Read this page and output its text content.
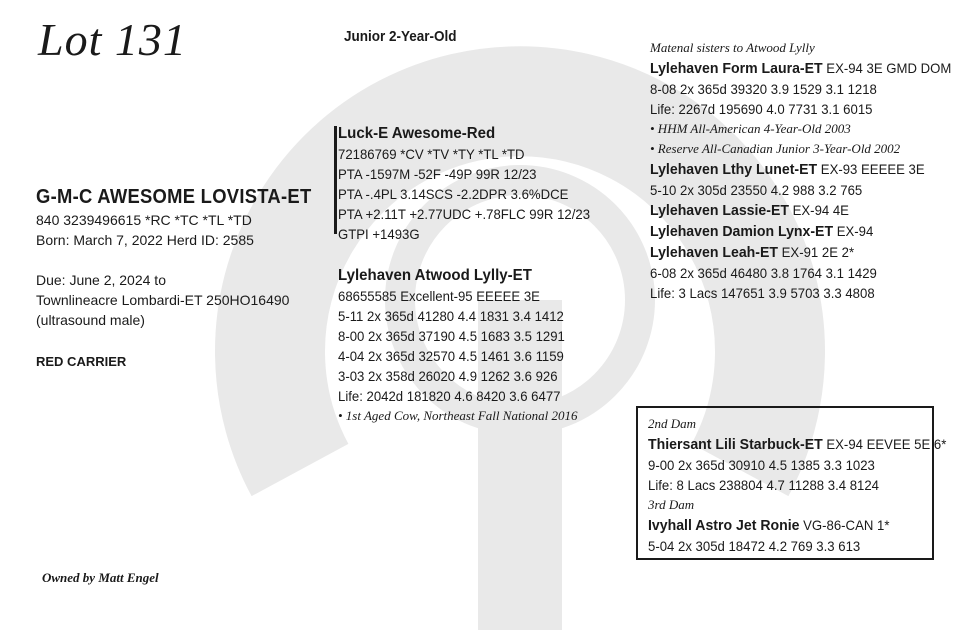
Lot 131	Junior 2-Year-Old
G-M-C AWESOME LOVISTA-ET
840 3239496615 *RC *TC *TL *TD
Born: March 7, 2022 Herd ID: 2585
Due: June 2, 2024 to
Townlineacre Lombardi-ET 250HO16490
(ultrasound male)
RED CARRIER
Owned by Matt Engel
Luck-E Awesome-Red
72186769 *CV *TV *TY *TL *TD
PTA -1597M -52F -49P 99R 12/23
PTA -.4PL 3.14SCS -2.2DPR 3.6%DCE
PTA +2.11T +2.77UDC +.78FLC 99R 12/23
GTPI +1493G
Lylehaven Atwood Lylly-ET
68655585 Excellent-95 EEEEE 3E
5-11 2x 365d 41280 4.4 1831 3.4 1412
8-00 2x 365d 37190 4.5 1683 3.5 1291
4-04 2x 365d 32570 4.5 1461 3.6 1159
3-03 2x 358d 26020 4.9 1262 3.6 926
Life: 2042d 181820 4.6 8420 3.6 6477
• 1st Aged Cow, Northeast Fall National 2016
Matenal sisters to Atwood Lylly
Lylehaven Form Laura-ET EX-94 3E GMD DOM
8-08 2x 365d 39320 3.9 1529 3.1 1218
Life: 2267d 195690 4.0 7731 3.1 6015
• HHM All-American 4-Year-Old 2003
• Reserve All-Canadian Junior 3-Year-Old 2002
Lylehaven Lthy Lunet-ET EX-93 EEEEE 3E
5-10 2x 305d 23550 4.2 988 3.2 765
Lylehaven Lassie-ET EX-94 4E
Lylehaven Damion Lynx-ET EX-94
Lylehaven Leah-ET EX-91 2E 2*
6-08 2x 365d 46480 3.8 1764 3.1 1429
Life: 3 Lacs 147651 3.9 5703 3.3 4808
2nd Dam
Thiersant Lili Starbuck-ET EX-94 EEVEE 5E 6*
9-00 2x 365d 30910 4.5 1385 3.3 1023
Life: 8 Lacs 238804 4.7 11288 3.4 8124
3rd Dam
Ivyhall Astro Jet Ronie VG-86-CAN 1*
5-04 2x 305d 18472 4.2 769 3.3 613
